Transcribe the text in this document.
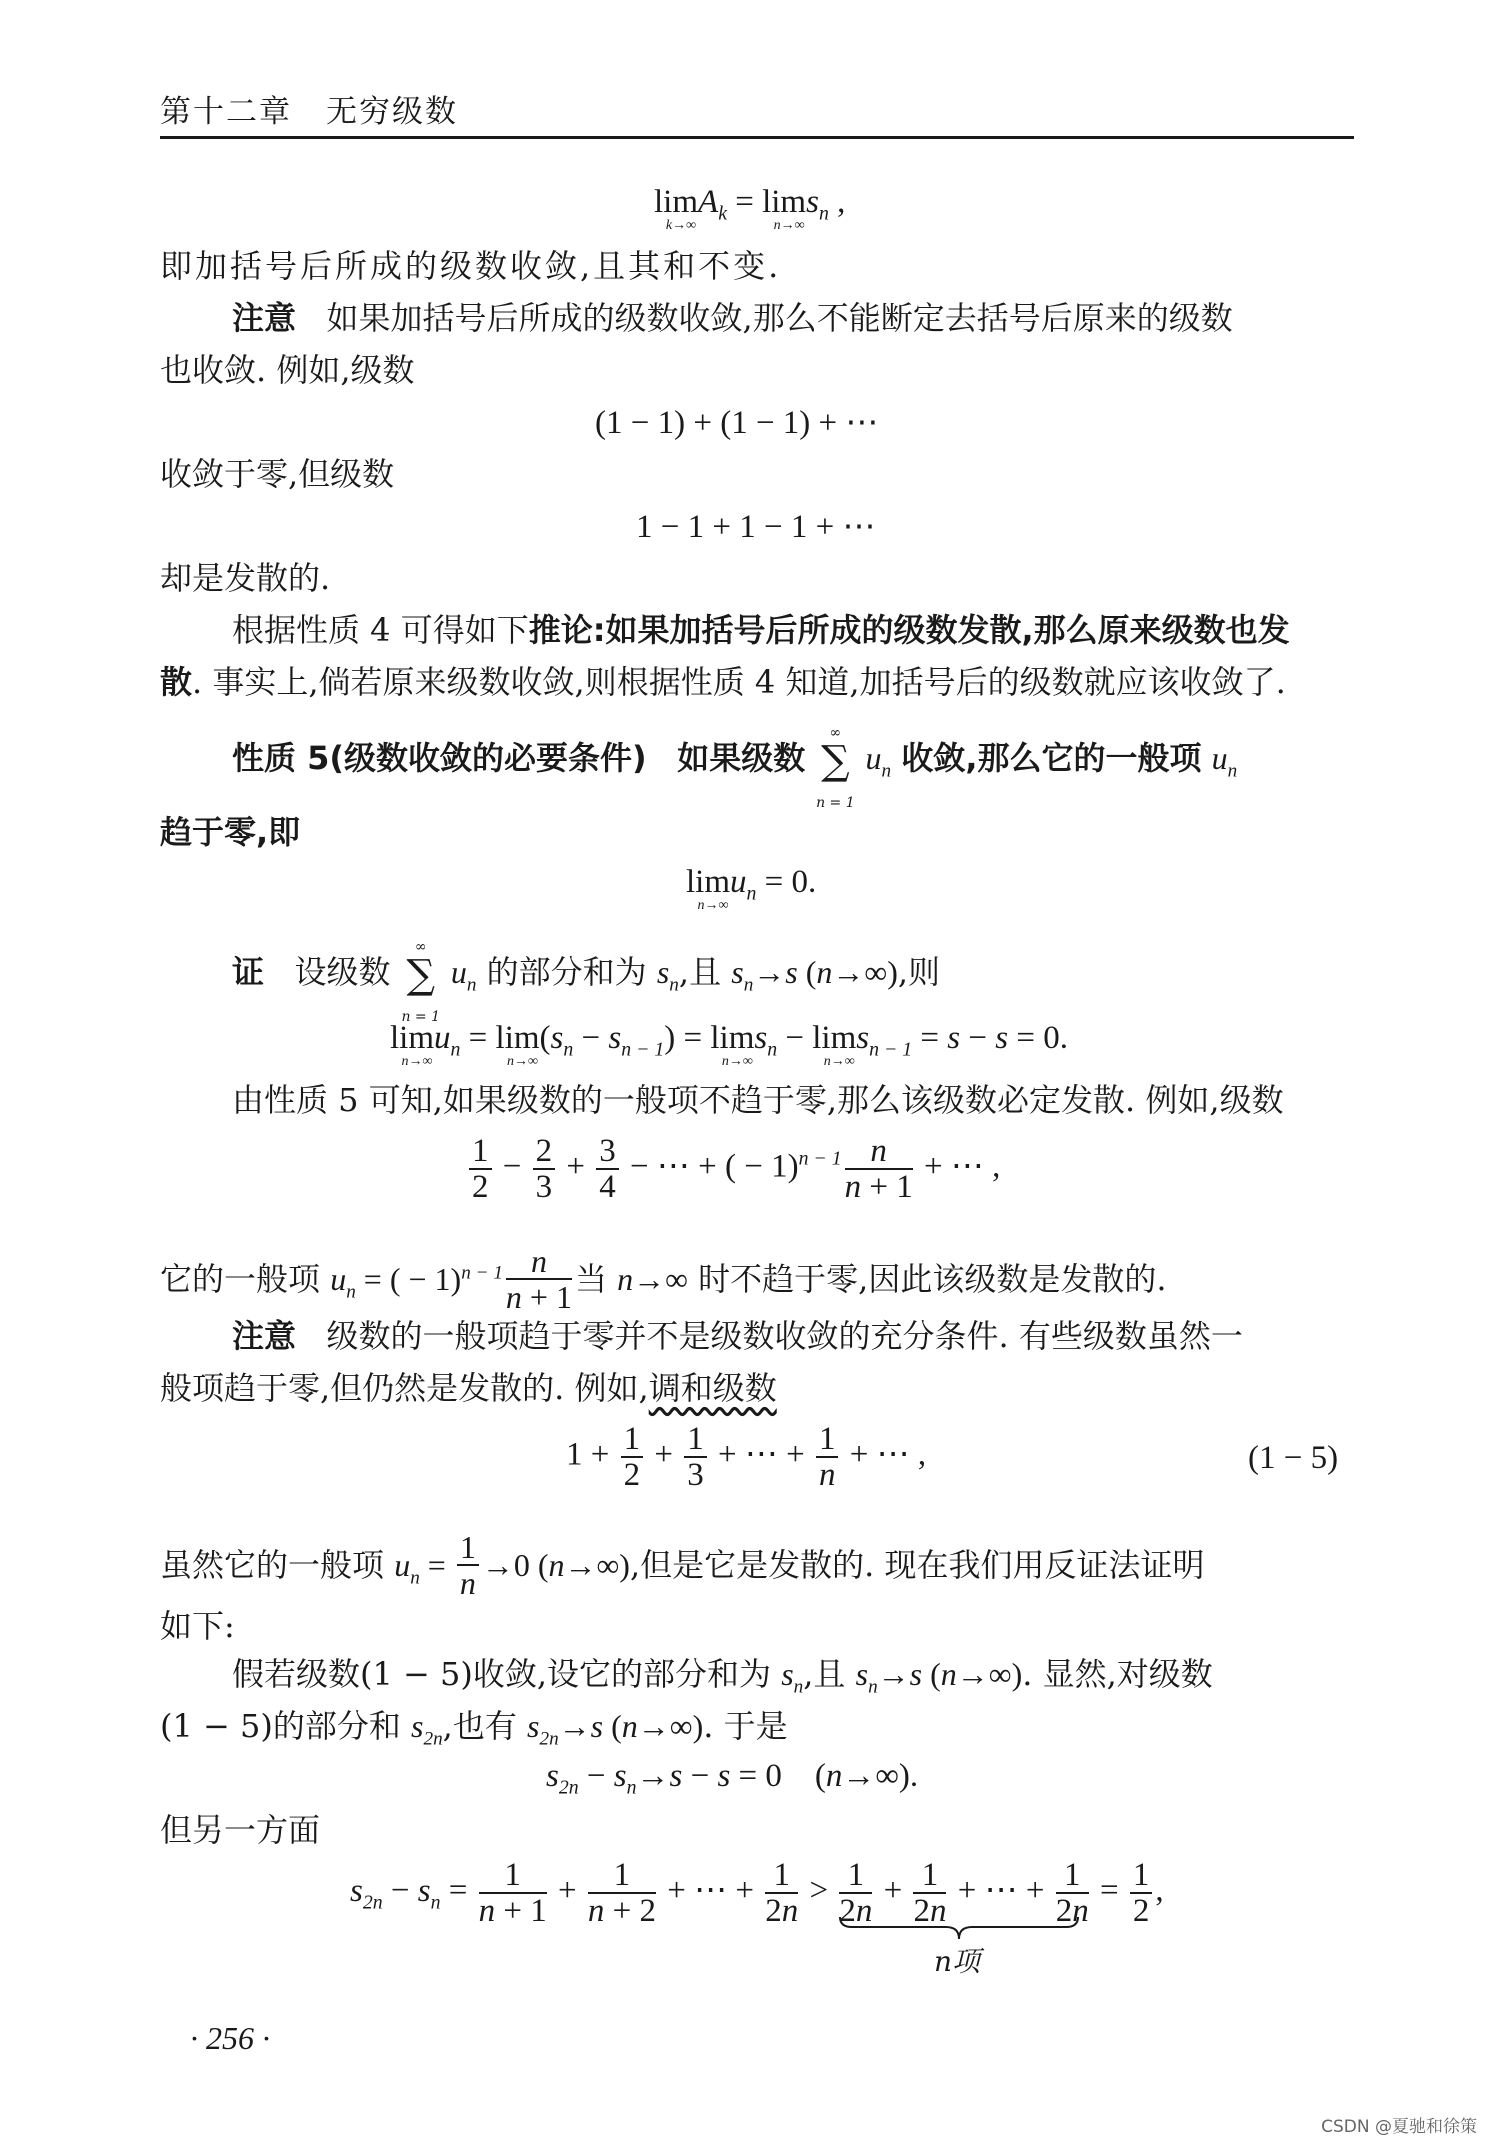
第十二章 无穷级数
lim
k→∞
$A_k = \lim$
n→∞
$s_n$ ,
即加括号后所成的级数收敛,且其和不变.
注意 如果加括号后所成的级数收敛,那么不能断定去括号后原来的级数
也收敛. 例如,级数
(1 − 1) + (1 − 1) + ⋯
收敛于零,但级数
1 − 1 + 1 − 1 + ⋯
却是发散的.
根据性质 4 可得如下推论:如果加括号后所成的级数发散,那么原来级数也发
散. 事实上,倘若原来级数收敛,则根据性质 4 知道,加括号后的级数就应该收敛了.
性质 5(级数收敛的必要条件) 如果级数
∞
∑
n = 1
$u_n$ 收敛,那么它的一般项 $u_n$
趋于零,即
lim
n→∞
$u_n = 0$.
证 设级数
∞
∑
n = 1
$u_n$ 的部分和为 $s_n$,且 $s_n\to s$ (n→∞),则
lim
n→∞
$u_n = \lim$
n→∞
$(s_n - s_{n - 1}) = \lim$
n→∞
$s_n - \lim$
n→∞
$s_{n - 1} = s - s = 0$.
由性质 5 可知,如果级数的一般项不趋于零,那么该级数必定发散. 例如,级数
$\frac{1}{2} - \frac{2}{3} + \frac{3}{4}$ − ⋯ + ( − $1)^{n - 1} \frac{n}{n + 1}$ + ⋯ ,
它的一般项 $u_n$ = ( − $1)^{n - 1} \frac{n}{n + 1}$ 当 n→∞ 时不趋于零,因此该级数是发散的.
注意 级数的一般项趋于零并不是级数收敛的充分条件. 有些级数虽然一
般项趋于零,但仍然是发散的. 例如,调和级数
$1 + \frac{1}{2} + \frac{1}{3}$ + ⋯ + $\frac{1}{n}$ + ⋯ ,	(1 − 5)
虽然它的一般项 $u_n = \frac{1}{n} \to 0$ (n→∞),但是它是发散的. 现在我们用反证法证明
如下:
假若级数(1 − 5)收敛,设它的部分和为 $s_n$,且 $s_n\to s$ (n→∞). 显然,对级数
(1 − 5)的部分和 $s_{2n}$,也有 $s_{2n}\to s$ (n→∞). 于是
$s_{2n} - s_n\to s - s = 0$    (n→∞).
但另一方面
$s_{2n} - s_n = \frac{1}{n + 1} + \frac{1}{n + 2}$ + ⋯ + $\frac{1}{2n} > \frac{1}{2n} + \frac{1}{2n}$ + ⋯ + $\frac{1}{2n} = \frac{1}{2}$ ,
n项
· 256 ·
CSDN @夏驰和徐策
